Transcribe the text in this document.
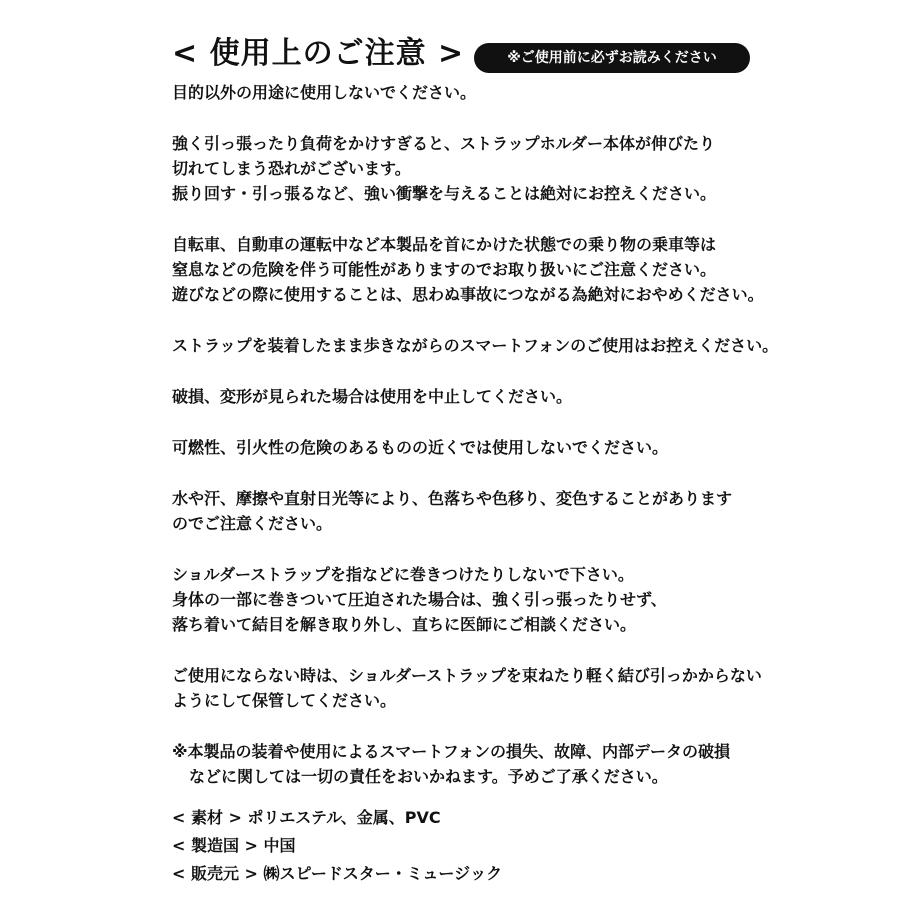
< 使用上のご注意 >	※ご使用前に必ずお読みください
目的以外の用途に使用しないでください。
強く引っ張ったり負荷をかけすぎると、ストラップホルダー本体が伸びたり
切れてしまう恐れがございます。
振り回す・引っ張るなど、強い衝撃を与えることは絶対にお控えください。
自転車、自動車の運転中など本製品を首にかけた状態での乗り物の乗車等は
窒息などの危険を伴う可能性がありますのでお取り扱いにご注意ください。
遊びなどの際に使用することは、思わぬ事故につながる為絶対におやめください。
ストラップを装着したまま歩きながらのスマートフォンのご使用はお控えください。
破損、変形が見られた場合は使用を中止してください。
可燃性、引火性の危険のあるものの近くでは使用しないでください。
水や汗、摩擦や直射日光等により、色落ちや色移り、変色することがあります
のでご注意ください。
ショルダーストラップを指などに巻きつけたりしないで下さい。
身体の一部に巻きついて圧迫された場合は、強く引っ張ったりせず、
落ち着いて結目を解き取り外し、直ちに医師にご相談ください。
ご使用にならない時は、ショルダーストラップを束ねたり軽く結び引っかからない
ようにして保管してください。
※本製品の装着や使用によるスマートフォンの損失、故障、内部データの破損
などに関しては一切の責任をおいかねます。予めご了承ください。
< 素材 > ポリエステル、金属、PVC
< 製造国 > 中国
< 販売元 > ㈱スピードスター・ミュージック
